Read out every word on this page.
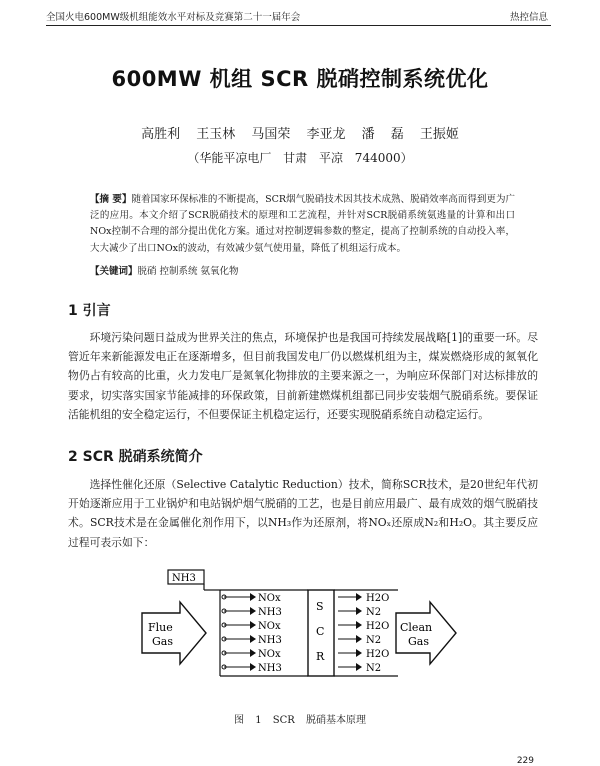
全国火电600MW级机组能效水平对标及竞赛第二十一届年会	热控信息
600MW 机组 SCR 脱硝控制系统优化
高胜利 王玉林 马国荣 李亚龙 潘 磊 王振姬
（华能平凉电厂 甘肃 平凉 744000）
【摘 要】随着国家环保标准的不断提高，SCR烟气脱硝技术因其技术成熟、脱硝效率高而得到更为广泛的应用。本文介绍了SCR脱硝技术的原理和工艺流程，并针对SCR脱硝系统氨逃量的计算和出口NOx控制不合理的部分提出优化方案。通过对控制逻辑参数的整定，提高了控制系统的自动投入率，大大减少了出口NOx的波动，有效减少氨气使用量，降低了机组运行成本。
【关键词】脱硝 控制系统 氨氧化物
1 引言
环境污染问题日益成为世界关注的焦点，环境保护也是我国可持续发展战略[1]的重要一环。尽管近年来新能源发电正在逐渐增多，但目前我国发电厂仍以燃煤机组为主，煤炭燃烧形成的氮氧化物仍占有较高的比重，火力发电厂是氮氧化物排放的主要来源之一，为响应环保部门对达标排放的要求，切实落实国家节能减排的环保政策，目前新建燃煤机组都已同步安装烟气脱硝系统。要保证活能机组的安全稳定运行，不但要保证主机稳定运行，还要实现脱硝系统自动稳定运行。
2 SCR 脱硝系统简介
选择性催化还原（Selective Catalytic Reduction）技术，简称SCR技术，是20世纪年代初开始逐渐应用于工业锅炉和电站锅炉烟气脱硝的工艺，也是目前应用最广、最有成效的烟气脱硝技术。SCR技术是在金属催化剂作用下，以NH₃作为还原剂，将NOₓ还原成N₂和H₂O。其主要反应过程可表示如下：
NH3
Flue
Gas
NOx
NH3
NOx
NH3
NOx
NH3
S
C
R
H2O
N2
H2O
N2
H2O
N2
Clean
Gas
图 1 SCR 脱硝基本原理
229
